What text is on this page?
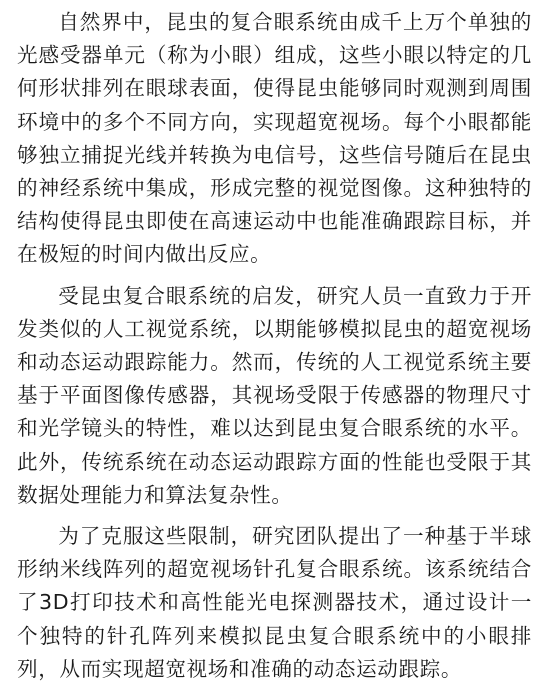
自然界中，昆虫的复合眼系统由成千上万个单独的光感受器单元（称为小眼）组成，这些小眼以特定的几何形状排列在眼球表面，使得昆虫能够同时观测到周围环境中的多个不同方向，实现超宽视场。每个小眼都能够独立捕捉光线并转换为电信号，这些信号随后在昆虫的神经系统中集成，形成完整的视觉图像。这种独特的结构使得昆虫即使在高速运动中也能准确跟踪目标，并在极短的时间内做出反应。

受昆虫复合眼系统的启发，研究人员一直致力于开发类似的人工视觉系统，以期能够模拟昆虫的超宽视场和动态运动跟踪能力。然而，传统的人工视觉系统主要基于平面图像传感器，其视场受限于传感器的物理尺寸和光学镜头的特性，难以达到昆虫复合眼系统的水平。此外，传统系统在动态运动跟踪方面的性能也受限于其数据处理能力和算法复杂性。

为了克服这些限制，研究团队提出了一种基于半球形纳米线阵列的超宽视场针孔复合眼系统。该系统结合了3D打印技术和高性能光电探测器技术，通过设计一个独特的针孔阵列来模拟昆虫复合眼系统中的小眼排列，从而实现超宽视场和准确的动态运动跟踪。
